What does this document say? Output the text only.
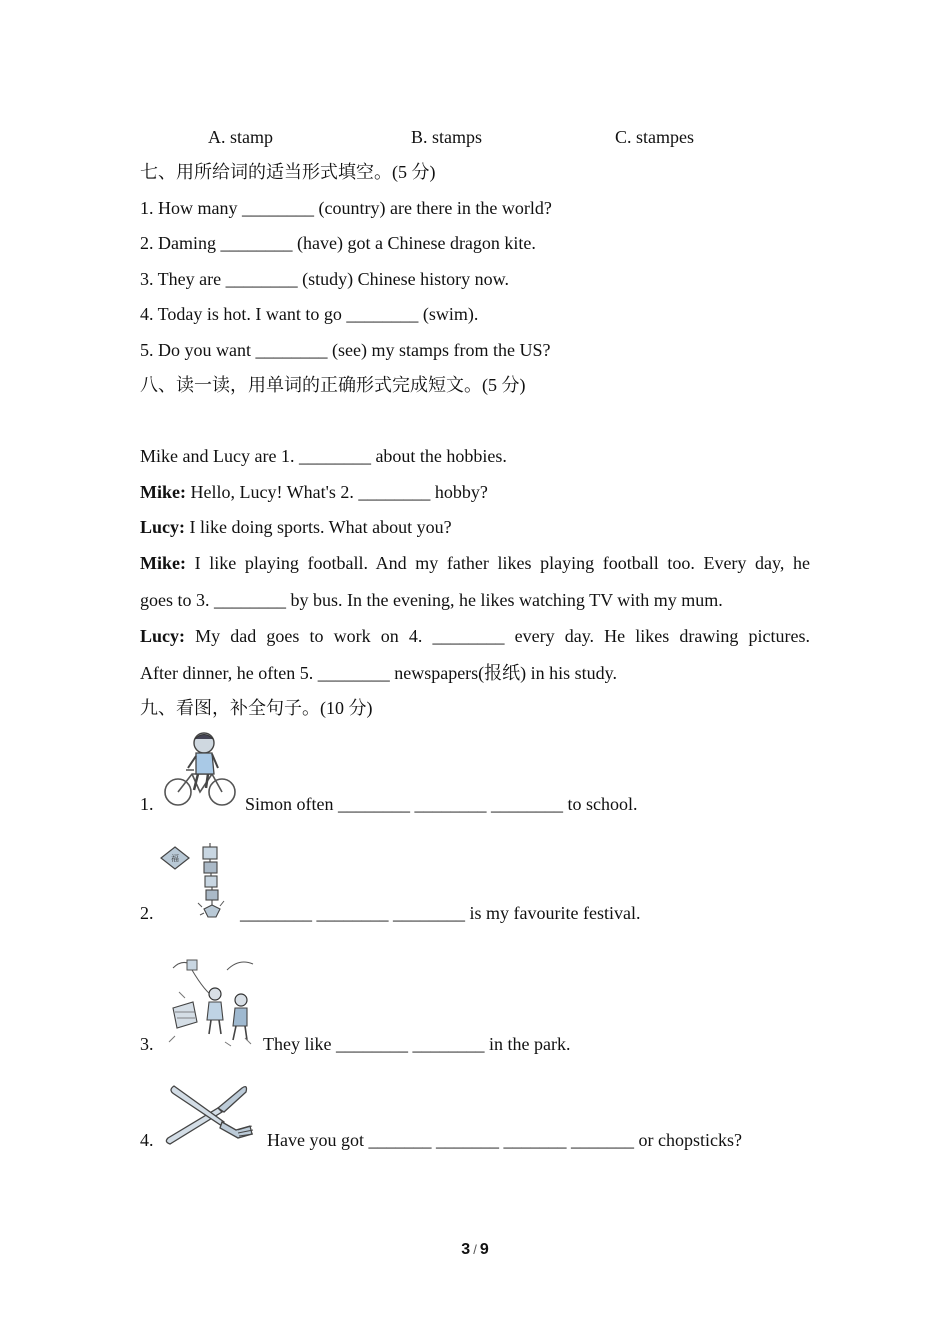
A. stamp	B. stamps	C. stampes
七、用所给词的适当形式填空。(5 分)
1. How many ________ (country) are there in the world?
2. Daming ________ (have) got a Chinese dragon kite.
3. They are ________ (study) Chinese history now.
4. Today is hot. I want to go ________ (swim).
5. Do you want ________ (see) my stamps from the US?
八、读一读，用单词的正确形式完成短文。(5 分)
Mike and Lucy are 1. ________ about the hobbies.
Mike: Hello, Lucy! What's 2. ________ hobby?
Lucy: I like doing sports. What about you?
Mike: I like playing football. And my father likes playing football too. Every day, he
goes to 3. ________ by bus. In the evening, he likes watching TV with my mum.
Lucy: My dad goes to work on 4. ________ every day. He likes drawing pictures.
After dinner, he often 5. ________ newspapers(报纸) in his study.
九、看图，补全句子。(10 分)
1.	Simon often ________ ________ ________ to school.
2.
福
________ ________ ________ is my favourite festival.
3.	They like ________ ________ in the park.
4.	Have you got _______ _______ _______ _______ or chopsticks?
3 / 9
